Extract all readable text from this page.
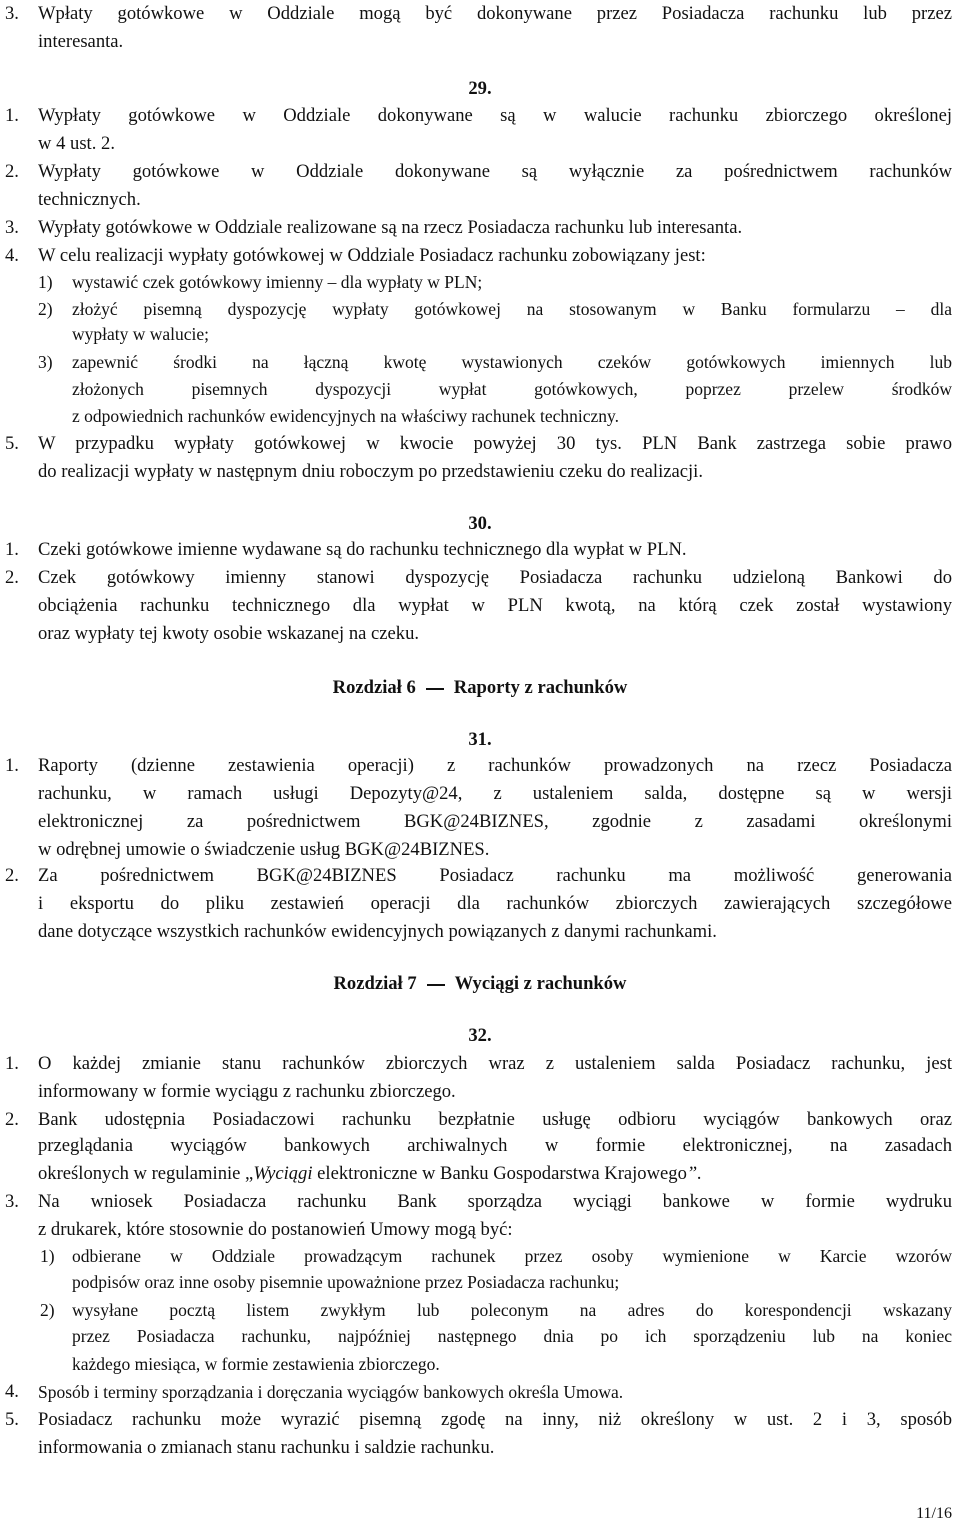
3.	Wpłaty gotówkowe w Oddziale mogą być dokonywane przez Posiadacza rachunku lub przez
interesanta.
29.
1.	Wypłaty gotówkowe w Oddziale dokonywane są w walucie rachunku zbiorczego określonej
w 4 ust. 2.
2.	Wypłaty gotówkowe w Oddziale dokonywane są wyłącznie za pośrednictwem rachunków
technicznych.
3.	Wypłaty gotówkowe w Oddziale realizowane są na rzecz Posiadacza rachunku lub interesanta.
4.	W celu realizacji wypłaty gotówkowej w Oddziale Posiadacz rachunku zobowiązany jest:
1)	wystawić czek gotówkowy imienny – dla wypłaty w PLN;
2)	złożyć pisemną dyspozycję wypłaty gotówkowej na stosowanym w Banku formularzu – dla
wypłaty w walucie;
3)	zapewnić środki na łączną kwotę wystawionych czeków gotówkowych imiennych lub
złożonych pisemnych dyspozycji wypłat gotówkowych, poprzez przelew środków
z odpowiednich rachunków ewidencyjnych na właściwy rachunek techniczny.
5.	W przypadku wypłaty gotówkowej w kwocie powyżej 30 tys. PLN Bank zastrzega sobie prawo
do realizacji wypłaty w następnym dniu roboczym po przedstawieniu czeku do realizacji.
30.
1.	Czeki gotówkowe imienne wydawane są do rachunku technicznego dla wypłat w PLN.
2.	Czek gotówkowy imienny stanowi dyspozycję Posiadacza rachunku udzieloną Bankowi do
obciążenia rachunku technicznego dla wypłat w PLN kwotą, na którą czek został wystawiony
oraz wypłaty tej kwoty osobie wskazanej na czeku.
Rozdział 6 Raporty z rachunków
31.
1.	Raporty (dzienne zestawienia operacji) z rachunków prowadzonych na rzecz Posiadacza
rachunku, w ramach usługi Depozyty@24, z ustaleniem salda, dostępne są w wersji
elektronicznej za pośrednictwem BGK@24BIZNES, zgodnie z zasadami określonymi
w odrębnej umowie o świadczenie usług BGK@24BIZNES.
2.	Za pośrednictwem BGK@24BIZNES Posiadacz rachunku ma możliwość generowania
i eksportu do pliku zestawień operacji dla rachunków zbiorczych zawierających szczegółowe
dane dotyczące wszystkich rachunków ewidencyjnych powiązanych z danymi rachunkami.
Rozdział 7 Wyciągi z rachunków
32.
1.	O każdej zmianie stanu rachunków zbiorczych wraz z ustaleniem salda Posiadacz rachunku, jest
informowany w formie wyciągu z rachunku zbiorczego.
2.	Bank udostępnia Posiadaczowi rachunku bezpłatnie usługę odbioru wyciągów bankowych oraz
przeglądania wyciągów bankowych archiwalnych w formie elektronicznej, na zasadach
określonych w regulaminie „Wyciągi elektroniczne w Banku Gospodarstwa Krajowego”.
3.	Na wniosek Posiadacza rachunku Bank sporządza wyciągi bankowe w formie wydruku
z drukarek, które stosownie do postanowień Umowy mogą być:
1) odbierane w Oddziale prowadzącym rachunek przez osoby wymienione w Karcie wzorów
podpisów oraz inne osoby pisemnie upoważnione przez Posiadacza rachunku;
2) wysyłane pocztą listem zwykłym lub poleconym na adres do korespondencji wskazany
przez Posiadacza rachunku, najpóźniej następnego dnia po ich sporządzeniu lub na koniec
każdego miesiąca, w formie zestawienia zbiorczego.
4.	Sposób i terminy sporządzania i doręczania wyciągów bankowych określa Umowa.
5.	Posiadacz rachunku może wyrazić pisemną zgodę na inny, niż określony w ust. 2 i 3, sposób
informowania o zmianach stanu rachunku i saldzie rachunku.
11/16
